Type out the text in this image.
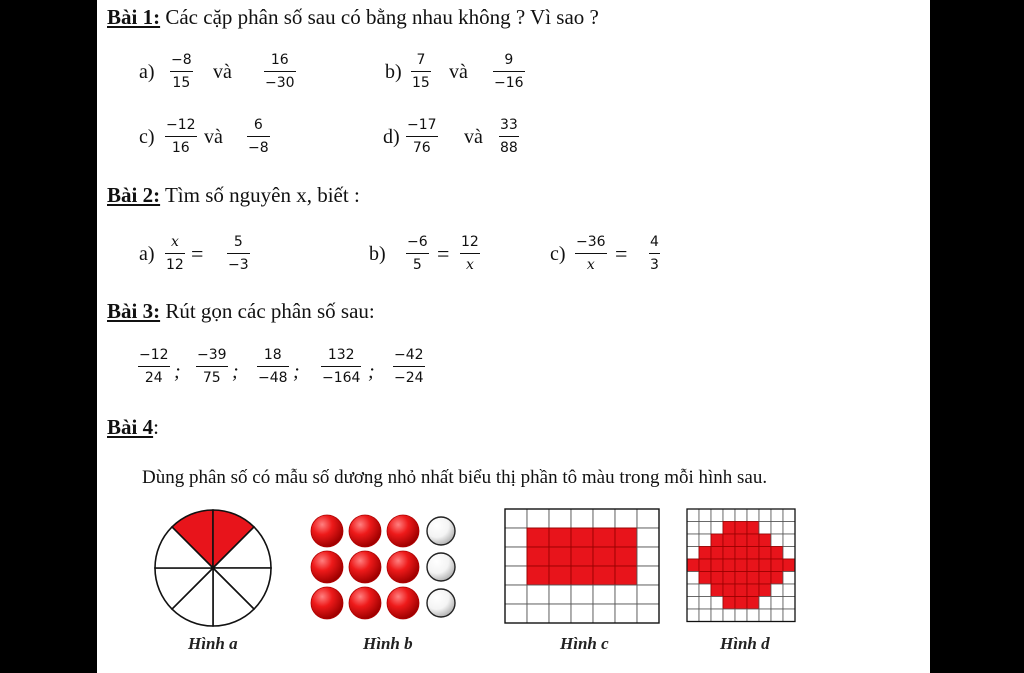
Bài 1: Các cặp phân số sau có bằng nhau không ? Vì sao ?
a)
−8
15 và
16
−30	b)
7
15 và
9
−16
c)
−12
16 và
6
−8	d)
−17
76 và
33
88
Bài 2: Tìm số nguyên x, biết :
a)
x
12 = 5
−3	b)
−6
5 = 12
x	c)
−36
x = 4
3
Bài 3: Rút gọn các phân số sau:
−12
24 ;
−39
75 ;
18
−48 ;
132
−164 ;
−42
−24
Bài 4:
Dùng phân số có mẫu số dương nhỏ nhất biểu thị phần tô màu trong mỗi hình sau.
Hình a	Hình b	Hình c	Hình d
